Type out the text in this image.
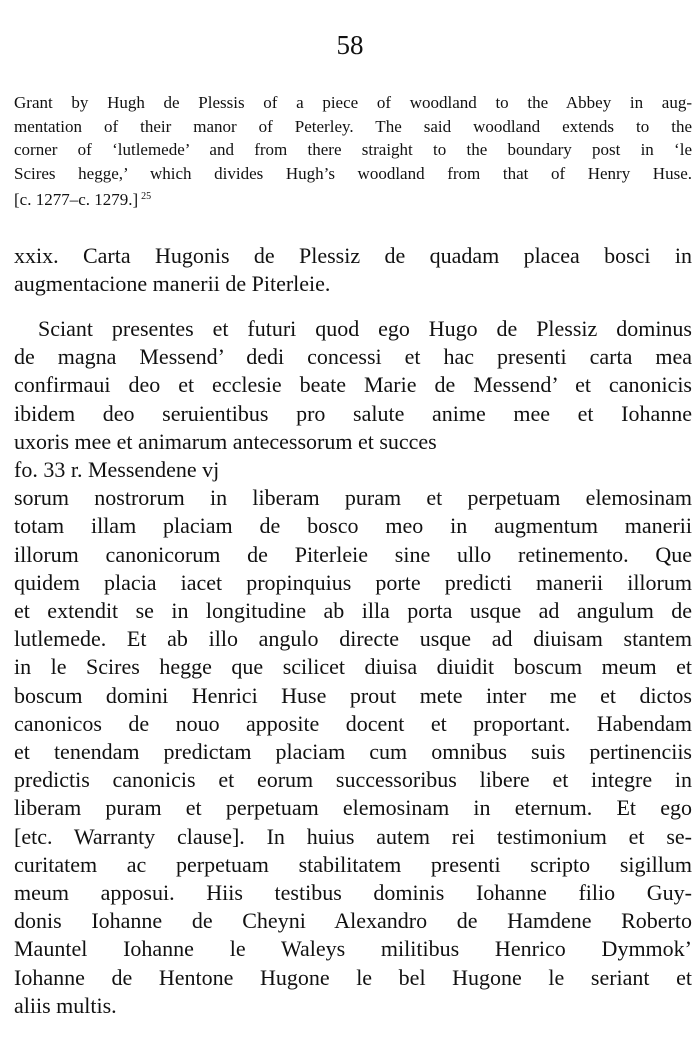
58
Grant by Hugh de Plessis of a piece of woodland to the Abbey in aug-
mentation of their manor of Peterley. The said woodland extends to the
corner of ‘lutlemede’ and from there straight to the boundary post in ‘le
Scires hegge,’ which divides Hugh’s woodland from that of Henry Huse.
[c. 1277–c. 1279.] $^{25}$
xxix. Carta Hugonis de Plessiz de quadam placea bosci in
augmentacione manerii de Piterleie.
Sciant presentes et futuri quod ego Hugo de Plessiz dominus
de magna Messend’ dedi concessi et hac presenti carta mea
confirmaui deo et ecclesie beate Marie de Messend’ et canonicis
ibidem deo seruientibus pro salute anime mee et Iohanne
uxoris mee et animarum antecessorum et succes
fo. 33 r. Messendene vj
sorum nostrorum in liberam puram et perpetuam elemosinam
totam illam placiam de bosco meo in augmentum manerii
illorum canonicorum de Piterleie sine ullo retinemento. Que
quidem placia iacet propinquius porte predicti manerii illorum
et extendit se in longitudine ab illa porta usque ad angulum de
lutlemede. Et ab illo angulo directe usque ad diuisam stantem
in le Scires hegge que scilicet diuisa diuidit boscum meum et
boscum domini Henrici Huse prout mete inter me et dictos
canonicos de nouo apposite docent et proportant. Habendam
et tenendam predictam placiam cum omnibus suis pertinenciis
predictis canonicis et eorum successoribus libere et integre in
liberam puram et perpetuam elemosinam in eternum. Et ego
[etc. Warranty clause]. In huius autem rei testimonium et se-
curitatem ac perpetuam stabilitatem presenti scripto sigillum
meum apposui. Hiis testibus dominis Iohanne filio Guy-
donis Iohanne de Cheyni Alexandro de Hamdene Roberto
Mauntel Iohanne le Waleys militibus Henrico Dymmok’
Iohanne de Hentone Hugone le bel Hugone le seriant et
aliis multis.
